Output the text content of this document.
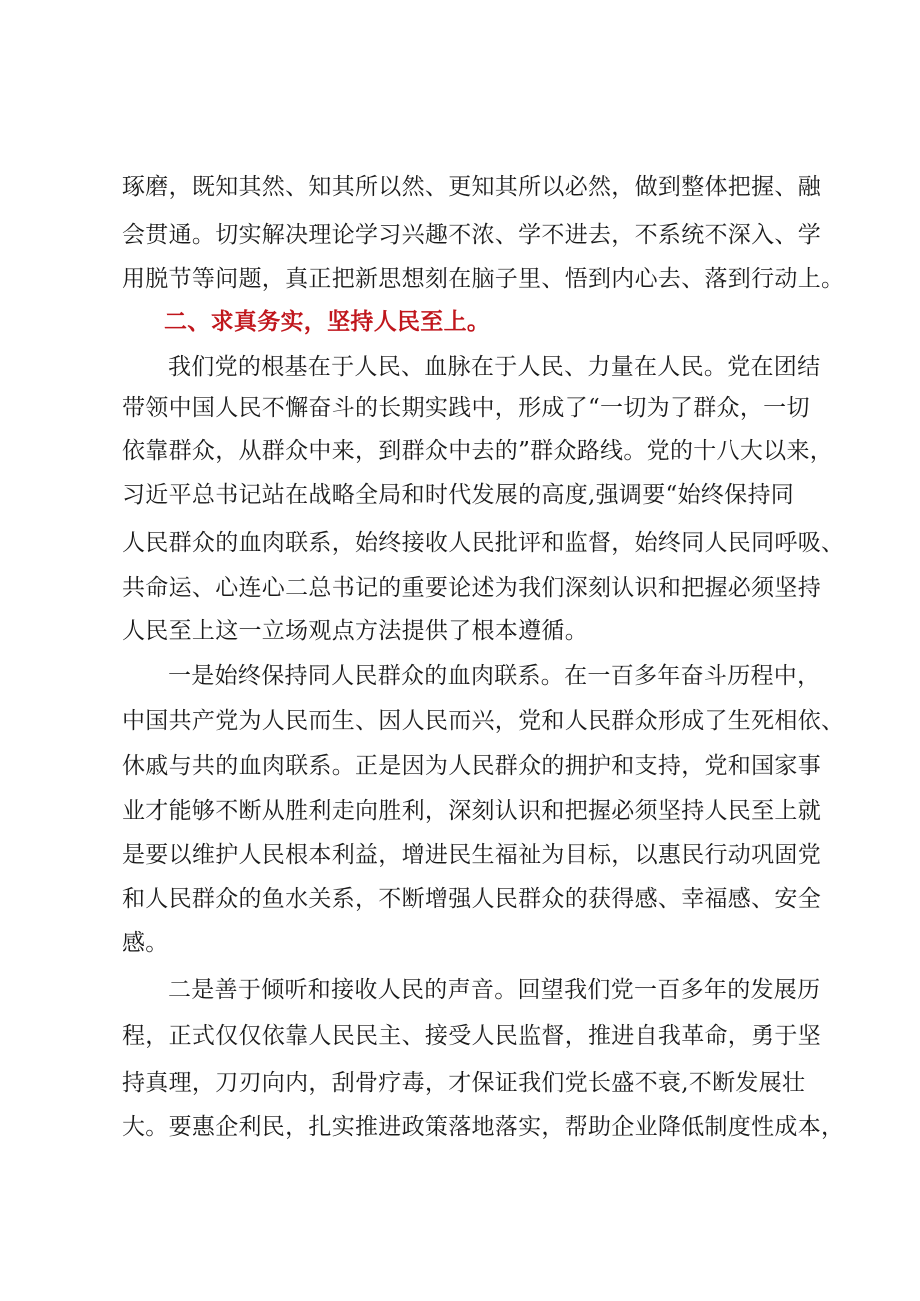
琢磨，既知其然、知其所以然、更知其所以必然，做到整体把握、融
会贯通。切实解决理论学习兴趣不浓、学不进去，不系统不深入、学
用脱节等问题，真正把新思想刻在脑子里、悟到内心去、落到行动上。
二、求真务实，坚持人民至上。
我们党的根基在于人民、血脉在于人民、力量在人民。党在团结
带领中国人民不懈奋斗的长期实践中，形成了“一切为了群众，一切
依靠群众，从群众中来，到群众中去的”群众路线。党的十八大以来，
习近平总书记站在战略全局和时代发展的高度,强调要“始终保持同
人民群众的血肉联系，始终接收人民批评和监督，始终同人民同呼吸、
共命运、心连心二总书记的重要论述为我们深刻认识和把握必须坚持
人民至上这一立场观点方法提供了根本遵循。
一是始终保持同人民群众的血肉联系。在一百多年奋斗历程中，
中国共产党为人民而生、因人民而兴，党和人民群众形成了生死相依、
休戚与共的血肉联系。正是因为人民群众的拥护和支持，党和国家事
业才能够不断从胜利走向胜利，深刻认识和把握必须坚持人民至上就
是要以维护人民根本利益，增进民生福祉为目标，以惠民行动巩固党
和人民群众的鱼水关系，不断增强人民群众的获得感、幸福感、安全
感。
二是善于倾听和接收人民的声音。回望我们党一百多年的发展历
程，正式仅仅依靠人民民主、接受人民监督，推进自我革命，勇于坚
持真理，刀刃向内，刮骨疗毒，才保证我们党长盛不衰,不断发展壮
大。要惠企利民，扎实推进政策落地落实，帮助企业降低制度性成本，
